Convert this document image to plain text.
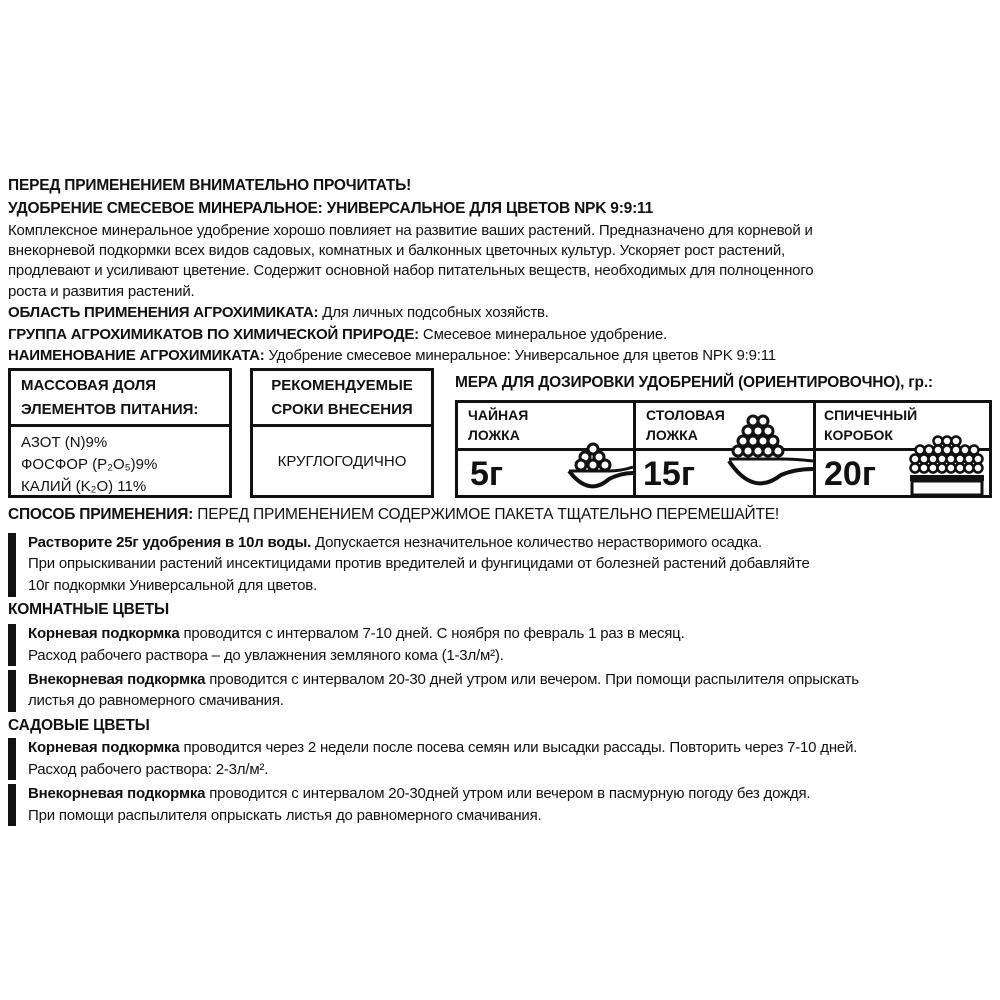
ПЕРЕД ПРИМЕНЕНИЕМ ВНИМАТЕЛЬНО ПРОЧИТАТЬ!
УДОБРЕНИЕ СМЕСЕВОЕ МИНЕРАЛЬНОЕ: УНИВЕРСАЛЬНОЕ ДЛЯ ЦВЕТОВ NPK 9:9:11
Комплексное минеральное удобрение хорошо повлияет на развитие ваших растений. Предназначено для корневой и
внекорневой подкормки всех видов садовых, комнатных и балконных цветочных культур. Ускоряет рост растений,
продлевают и усиливают цветение. Содержит основной набор питательных веществ, необходимых для полноценного
роста и развития растений.
ОБЛАСТЬ ПРИМЕНЕНИЯ АГРОХИМИКАТА: Для личных подсобных хозяйств.
ГРУППА АГРОХИМИКАТОВ ПО ХИМИЧЕСКОЙ ПРИРОДЕ: Смесевое минеральное удобрение.
НАИМЕНОВАНИЕ АГРОХИМИКАТА: Удобрение смесевое минеральное: Универсальное для цветов NPK 9:9:11
МАССОВАЯ ДОЛЯ
ЭЛЕМЕНТОВ ПИТАНИЯ:
АЗОТ (N)9%
ФОСФОР (P₂O₅)9%
КАЛИЙ (K₂O) 11%
РЕКОМЕНДУЕМЫЕ
СРОКИ ВНЕСЕНИЯ
КРУГЛОГОДИЧНО
МЕРА ДЛЯ ДОЗИРОВКИ УДОБРЕНИЙ (ОРИЕНТИРОВОЧНО), гр.:
ЧАЙНАЯ
ЛОЖКА
5г
СТОЛОВАЯ
ЛОЖКА
15г
СПИЧЕЧНЫЙ
КОРОБОК
20г
СПОСОБ ПРИМЕНЕНИЯ: ПЕРЕД ПРИМЕНЕНИЕМ СОДЕРЖИМОЕ ПАКЕТА ТЩАТЕЛЬНО ПЕРЕМЕШАЙТЕ!
Растворите 25г удобрения в 10л воды. Допускается незначительное количество нерастворимого осадка.
При опрыскивании растений инсектицидами против вредителей и фунгицидами от болезней растений добавляйте
10г подкормки Универсальной для цветов.
КОМНАТНЫЕ ЦВЕТЫ
Корневая подкормка проводится с интервалом 7-10 дней. С ноября по февраль 1 раз в месяц.
Расход рабочего раствора – до увлажнения земляного кома (1-3л/м²).
Внекорневая подкормка проводится с интервалом 20-30 дней утром или вечером. При помощи распылителя опрыскать
листья до равномерного смачивания.
САДОВЫЕ ЦВЕТЫ
Корневая подкормка проводится через 2 недели после посева семян или высадки рассады. Повторить через 7-10 дней.
Расход рабочего раствора: 2-3л/м².
Внекорневая подкормка проводится с интервалом 20-30дней утром или вечером в пасмурную погоду без дождя.
При помощи распылителя опрыскать листья до равномерного смачивания.
